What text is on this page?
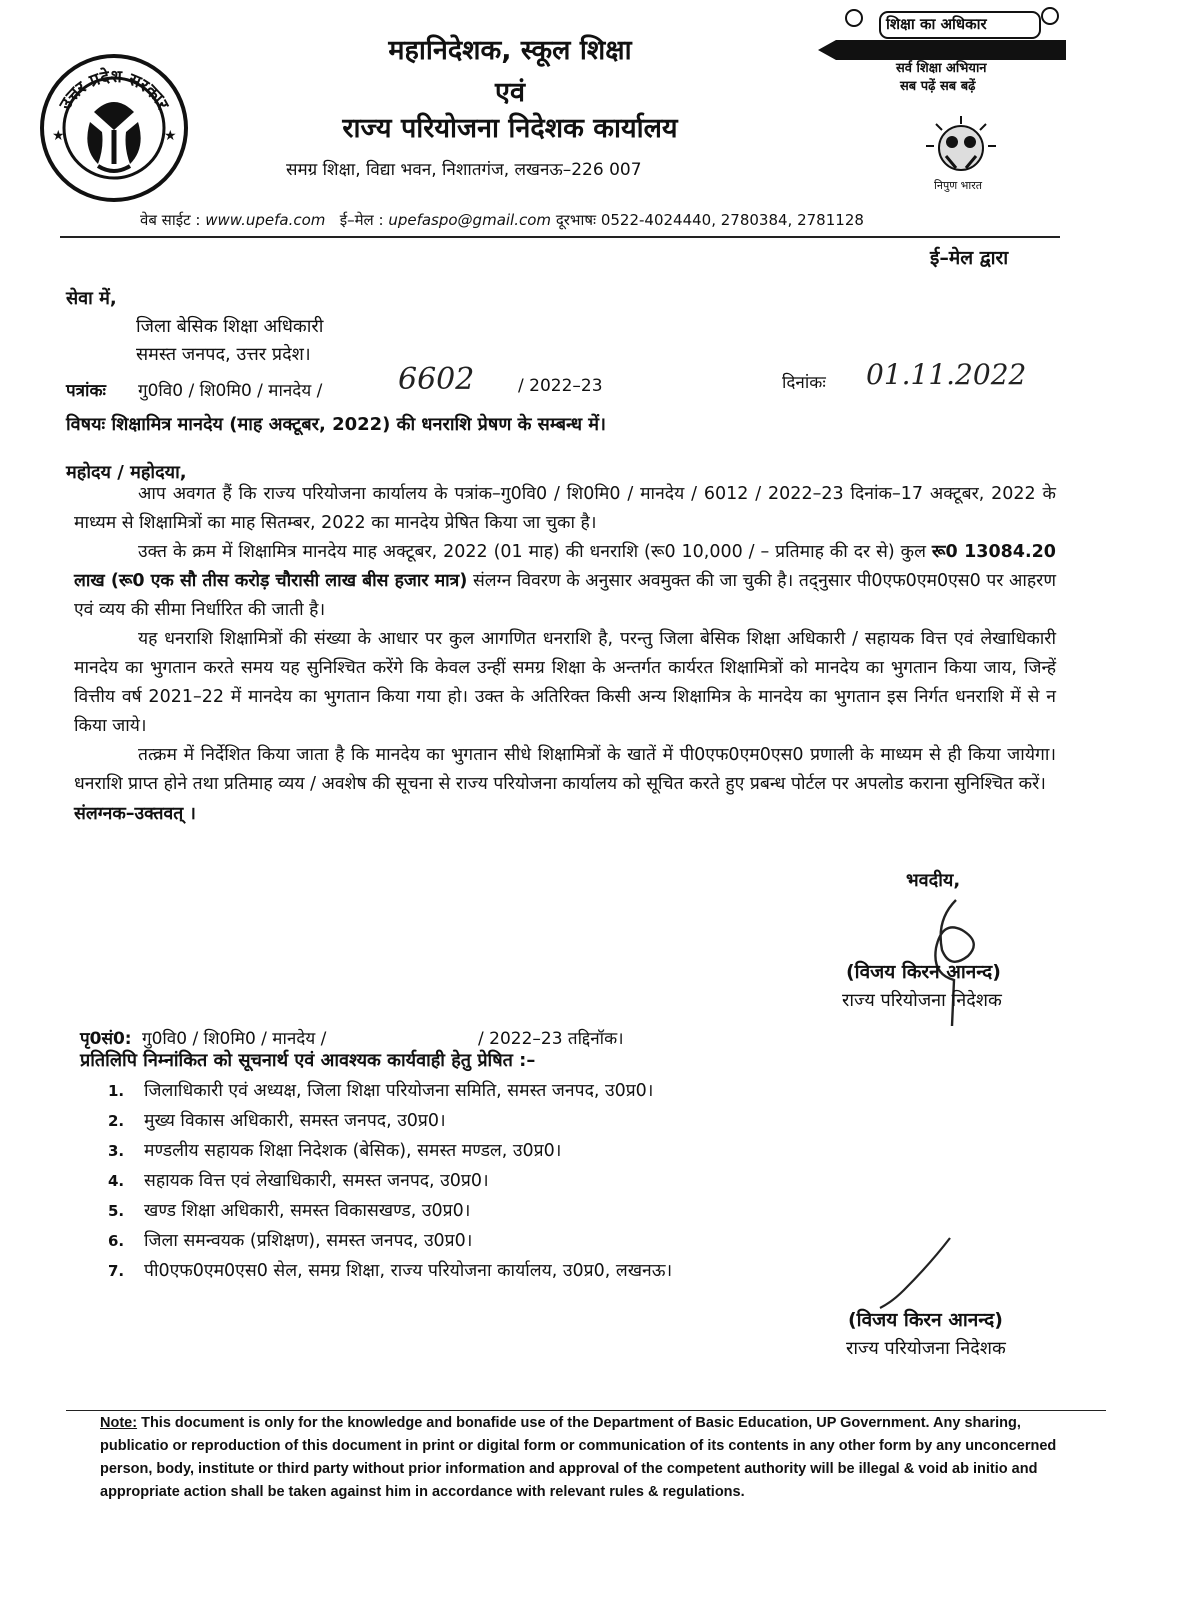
उत्तर प्रदेश सरकार
★	★
महानिदेशक, स्कूल शिक्षा
एवं
राज्य परियोजना निदेशक कार्यालय
समग्र शिक्षा, विद्या भवन, निशातगंज, लखनऊ–226 007
शिक्षा का अधिकार
सर्व शिक्षा अभियान
सब पढ़ें सब बढ़ें
निपुण भारत
वेब साईट : www.upefa.com ई–मेल : upefaspo@gmail.com दूरभाषः 0522-4024440, 2780384, 2781128
ई–मेल द्वारा
सेवा में,
जिला बेसिक शिक्षा अधिकारी
समस्त जनपद, उत्तर प्रदेश।
पत्रांकः गु0वि0 / शि0मि0 / मानदेय /	6602	/ 2022–23	दिनांकः 01.11.2022
विषयः शिक्षामित्र मानदेय (माह अक्टूबर, 2022) की धनराशि प्रेषण के सम्बन्ध में।
महोदय / महोदया,
आप अवगत हैं कि राज्य परियोजना कार्यालय के पत्रांक–गु0वि0 / शि0मि0 / मानदेय / 6012 / 2022–23 दिनांक–17 अक्टूबर, 2022 के माध्यम से शिक्षामित्रों का माह सितम्बर, 2022 का मानदेय प्रेषित किया जा चुका है।
उक्त के क्रम में शिक्षामित्र मानदेय माह अक्टूबर, 2022 (01 माह) की धनराशि (रू0 10,000 / – प्रतिमाह की दर से) कुल रू0 13084.20 लाख (रू0 एक सौ तीस करोड़ चौरासी लाख बीस हजार मात्र) संलग्न विवरण के अनुसार अवमुक्त की जा चुकी है। तद्नुसार पी0एफ0एम0एस0 पर आहरण एवं व्यय की सीमा निर्धारित की जाती है।
यह धनराशि शिक्षामित्रों की संख्या के आधार पर कुल आगणित धनराशि है, परन्तु जिला बेसिक शिक्षा अधिकारी / सहायक वित्त एवं लेखाधिकारी मानदेय का भुगतान करते समय यह सुनिश्चित करेंगे कि केवल उन्हीं समग्र शिक्षा के अन्तर्गत कार्यरत शिक्षामित्रों को मानदेय का भुगतान किया जाय, जिन्हें वित्तीय वर्ष 2021–22 में मानदेय का भुगतान किया गया हो। उक्त के अतिरिक्त किसी अन्य शिक्षामित्र के मानदेय का भुगतान इस निर्गत धनराशि में से न किया जाये।
तत्क्रम में निर्देशित किया जाता है कि मानदेय का भुगतान सीधे शिक्षामित्रों के खातें में पी0एफ0एम0एस0 प्रणाली के माध्यम से ही किया जायेगा। धनराशि प्राप्त होने तथा प्रतिमाह व्यय / अवशेष की सूचना से राज्य परियोजना कार्यालय को सूचित करते हुए प्रबन्ध पोर्टल पर अपलोड कराना सुनिश्चित करें।
संलग्नक–उक्तवत् ।
भवदीय,
(विजय किरन आनन्द)
राज्य परियोजना निदेशक
पृ0सं0: गु0वि0 / शि0मि0 / मानदेय /	/ 2022–23 तद्दिनॉक।
प्रतिलिपि निम्नांकित को सूचनार्थ एवं आवश्यक कार्यवाही हेतु प्रेषित :–
1. जिलाधिकारी एवं अध्यक्ष, जिला शिक्षा परियोजना समिति, समस्त जनपद, उ0प्र0।
2. मुख्य विकास अधिकारी, समस्त जनपद, उ0प्र0।
3. मण्डलीय सहायक शिक्षा निदेशक (बेसिक), समस्त मण्डल, उ0प्र0।
4. सहायक वित्त एवं लेखाधिकारी, समस्त जनपद, उ0प्र0।
5. खण्ड शिक्षा अधिकारी, समस्त विकासखण्ड, उ0प्र0।
6. जिला समन्वयक (प्रशिक्षण), समस्त जनपद, उ0प्र0।
7. पी0एफ0एम0एस0 सेल, समग्र शिक्षा, राज्य परियोजना कार्यालय, उ0प्र0, लखनऊ।
(विजय किरन आनन्द)
राज्य परियोजना निदेशक
Note: This document is only for the knowledge and bonafide use of the Department of Basic Education, UP Government. Any sharing, publicatio or reproduction of this document in print or digital form or communication of its contents in any other form by any unconcerned person, body, institute or third party without prior information and approval of the competent authority will be illegal & void ab initio and appropriate action shall be taken against him in accordance with relevant rules & regulations.
